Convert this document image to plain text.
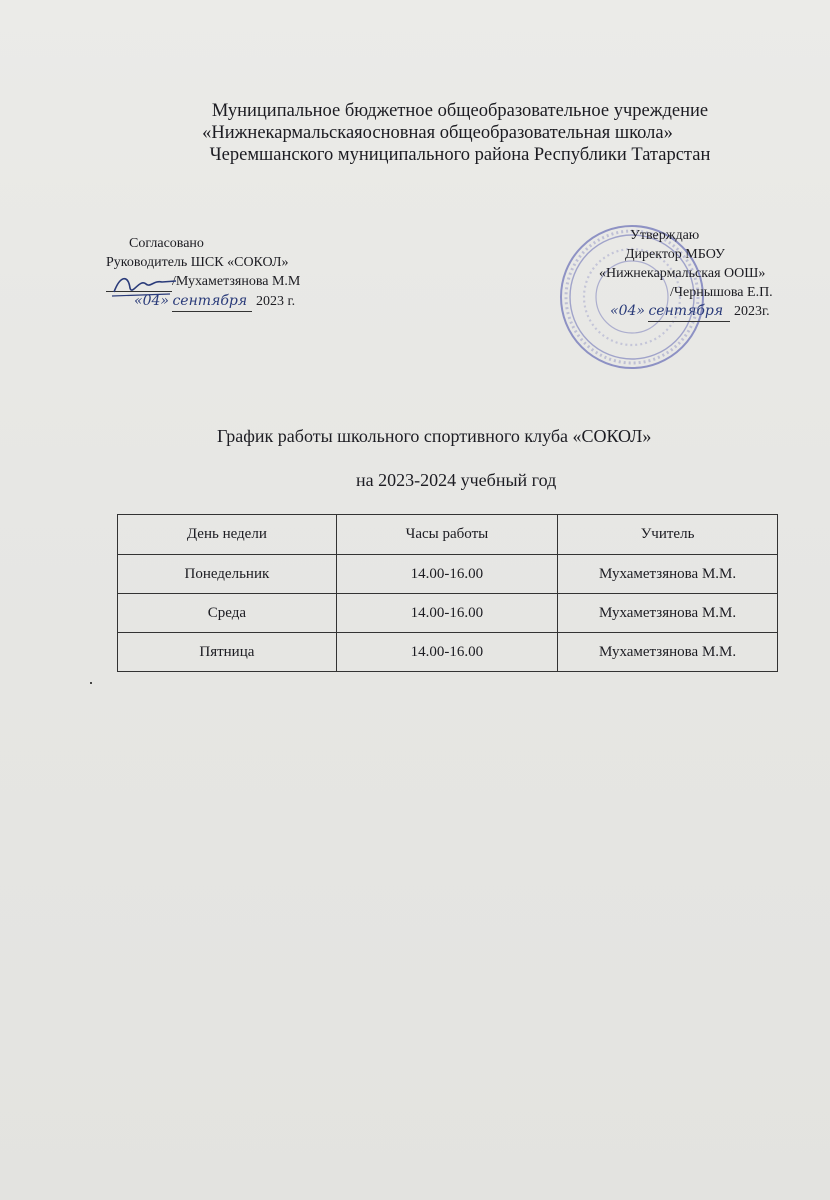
Муниципальное бюджетное общеобразовательное учреждение
«Нижнекармальскаяосновная общеобразовательная школа»
Черемшанского муниципального района Республики Татарстан
Согласовано
Руководитель ШСК «СОКОЛ»
/Мухаметзянова М.М
«04» сентября 2023 г.
Утверждаю
Директор МБОУ
«Нижнекармальская ООШ»
/Чернышова Е.П.
«04» сентября 2023г.
График работы школьного спортивного клуба «СОКОЛ»
на 2023-2024 учебный год
День недели	Часы работы	Учитель
Понедельник	14.00-16.00	Мухаметзянова М.М.
Среда	14.00-16.00	Мухаметзянова М.М.
Пятница	14.00-16.00	Мухаметзянова М.М.
